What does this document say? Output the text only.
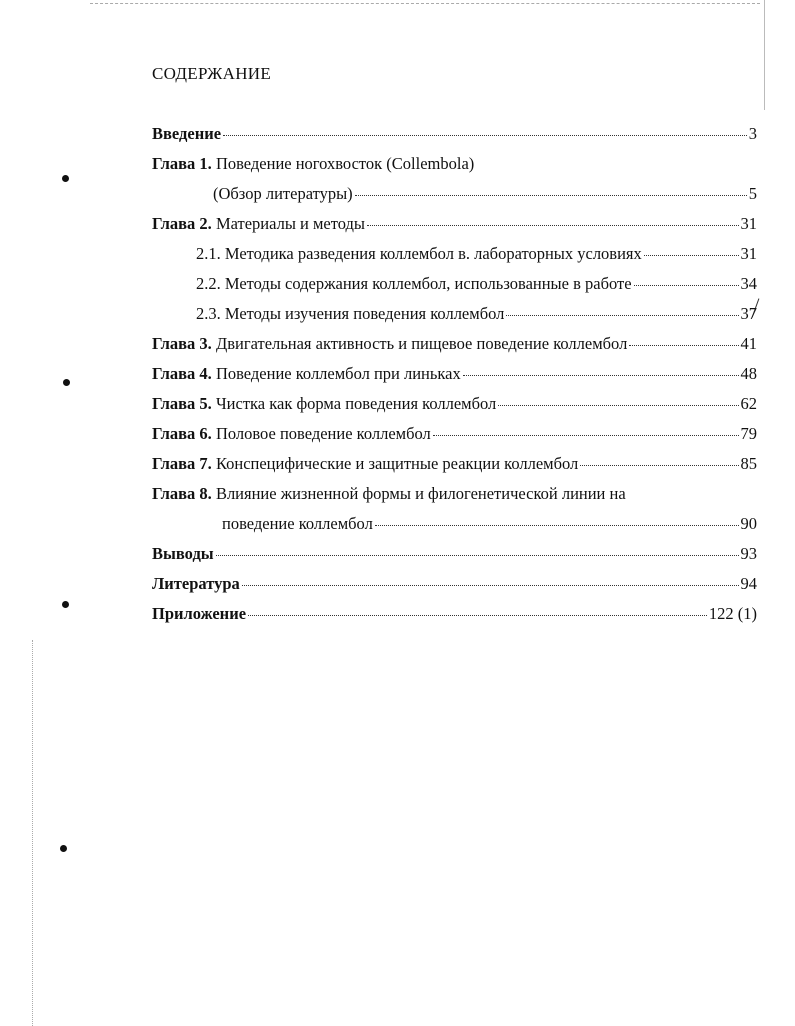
СОДЕРЖАНИЕ
Введение	3
Глава 1. Поведение ногохвосток (Collembola)
(Обзор литературы)	5
Глава 2. Материалы и методы	31
2.1. Методика разведения коллембол в. лабораторных условиях	31
2.2. Методы содержания коллембол, использованные в работе	34
2.3. Методы изучения поведения коллембол	37
Глава 3. Двигательная активность и пищевое поведение коллембол	41
Глава 4. Поведение коллембол при линьках	48
Глава 5. Чистка как форма поведения коллембол	62
Глава 6. Половое поведение коллембол	79
Глава 7. Конспецифические и защитные реакции коллембол	85
Глава 8. Влияние жизненной формы и филогенетической линии на
поведение коллембол	90
Выводы	93
Литература	94
Приложение	122 (1)
